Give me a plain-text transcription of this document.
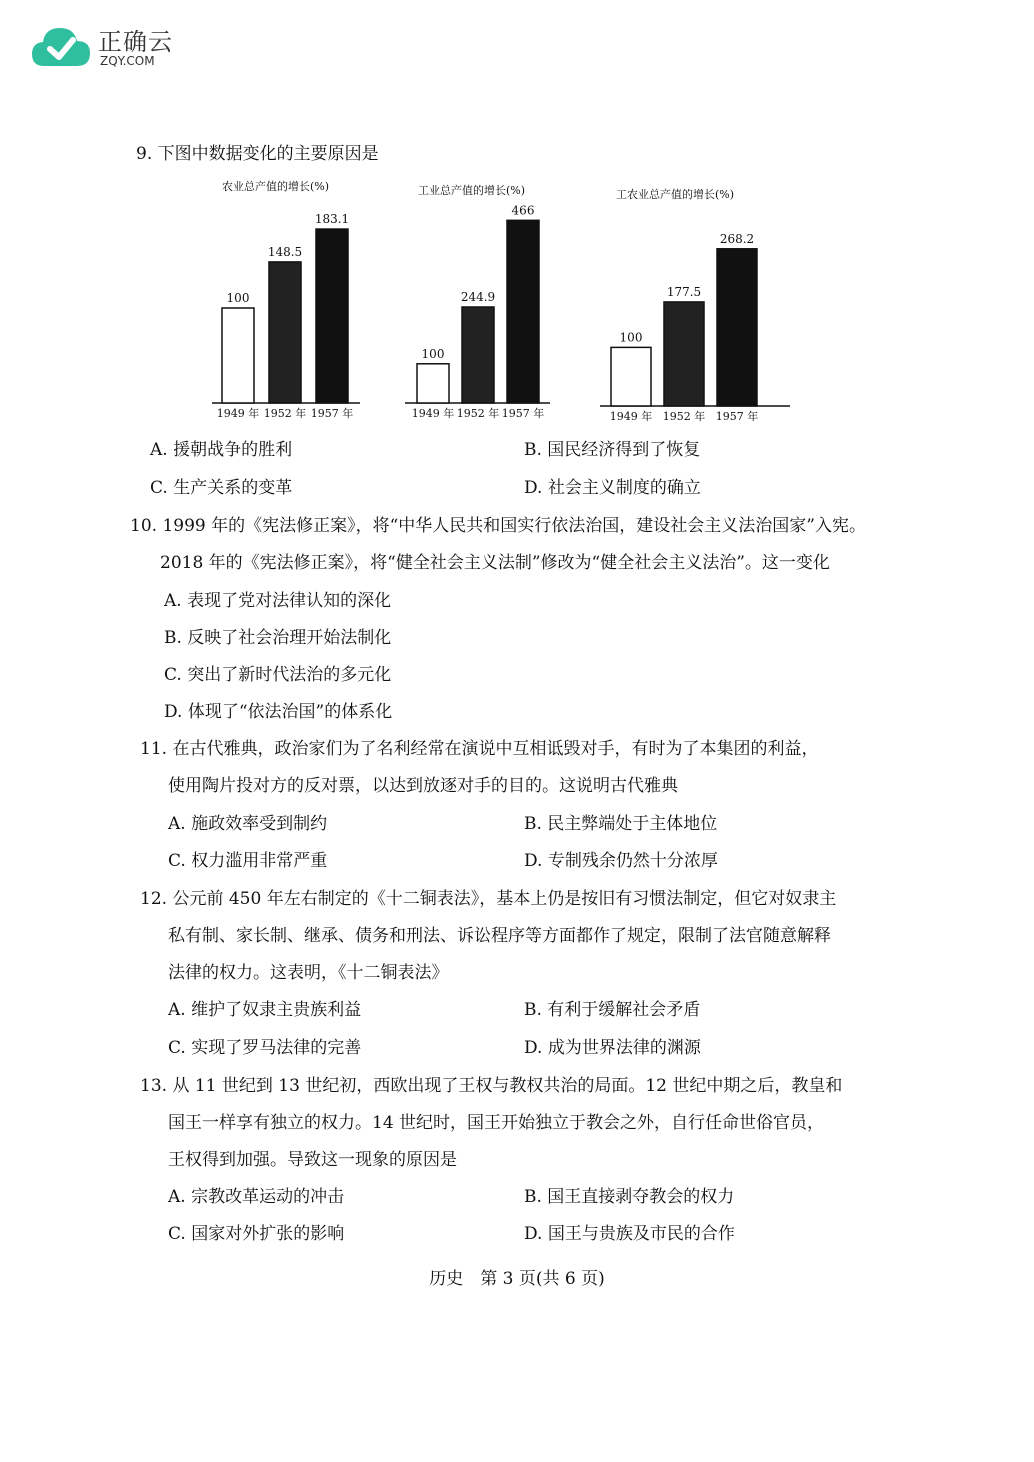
正确云
ZQY.COM
9. 下图中数据变化的主要原因是
农业总产值的增长(%)
100
1949 年
148.5
1952 年
183.1
1957 年
工业总产值的增长(%)
100
1949 年
244.9
1952 年
466
1957 年
工农业总产值的增长(%)
100
1949 年
177.5
1952 年
268.2
1957 年
A. 援朝战争的胜利	B. 国民经济得到了恢复
C. 生产关系的变革	D. 社会主义制度的确立
10. 1999 年的《宪法修正案》，将“中华人民共和国实行依法治国，建设社会主义法治国家”入宪。
2018 年的《宪法修正案》，将“健全社会主义法制”修改为“健全社会主义法治”。这一变化
A. 表现了党对法律认知的深化
B. 反映了社会治理开始法制化
C. 突出了新时代法治的多元化
D. 体现了“依法治国”的体系化
11. 在古代雅典，政治家们为了名利经常在演说中互相诋毁对手，有时为了本集团的利益，
使用陶片投对方的反对票，以达到放逐对手的目的。这说明古代雅典
A. 施政效率受到制约	B. 民主弊端处于主体地位
C. 权力滥用非常严重	D. 专制残余仍然十分浓厚
12. 公元前 450 年左右制定的《十二铜表法》，基本上仍是按旧有习惯法制定，但它对奴隶主
私有制、家长制、继承、债务和刑法、诉讼程序等方面都作了规定，限制了法官随意解释
法律的权力。这表明，《十二铜表法》
A. 维护了奴隶主贵族利益	B. 有利于缓解社会矛盾
C. 实现了罗马法律的完善	D. 成为世界法律的渊源
13. 从 11 世纪到 13 世纪初，西欧出现了王权与教权共治的局面。12 世纪中期之后，教皇和
国王一样享有独立的权力。14 世纪时，国王开始独立于教会之外，自行任命世俗官员，
王权得到加强。导致这一现象的原因是
A. 宗教改革运动的冲击	B. 国王直接剥夺教会的权力
C. 国家对外扩张的影响	D. 国王与贵族及市民的合作
历史　第 3 页(共 6 页)
